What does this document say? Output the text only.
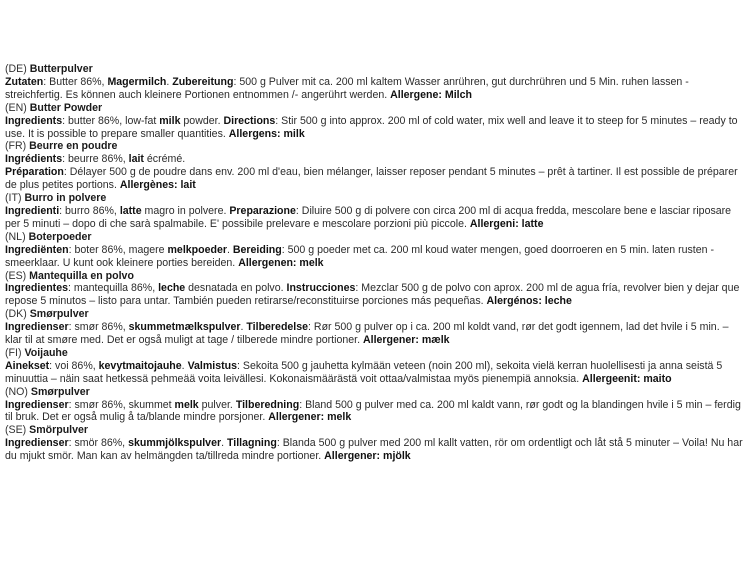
(DE) Butterpulver

Zutaten: Butter 86%, Magermilch. Zubereitung: 500 g Pulver mit ca. 200 ml kaltem Wasser anrühren, gut durchrühren und 5 Min. ruhen lassen - streichfertig. Es können auch kleinere Portionen entnommen /- angerührt werden. Allergene: Milch

(EN) Butter Powder

Ingredients: butter 86%, low-fat milk powder. Directions: Stir 500 g into approx. 200 ml of cold water, mix well and leave it to steep for 5 minutes – ready to use. It is possible to prepare smaller quantities. Allergens: milk

(FR) Beurre en poudre

Ingrédients: beurre 86%, lait écrémé.
Préparation: Délayer 500 g de poudre dans env. 200 ml d'eau, bien mélanger, laisser reposer pendant 5 minutes – prêt à tartiner. Il est possible de préparer de plus petites portions. Allergènes: lait

(IT) Burro in polvere

Ingredienti: burro 86%, latte magro in polvere. Preparazione: Diluire 500 g di polvere con circa 200 ml di acqua fredda, mescolare bene e lasciar riposare per 5 minuti – dopo di che sarà spalmabile. E' possibile prelevare e mescolare porzioni più piccole. Allergeni: latte

(NL) Boterpoeder

Ingrediënten: boter 86%, magere melkpoeder. Bereiding: 500 g poeder met ca. 200 ml koud water mengen, goed doorroeren en 5 min. laten rusten - smeerklaar. U kunt ook kleinere porties bereiden. Allergenen: melk

(ES) Mantequilla en polvo

Ingredientes: mantequilla 86%, leche desnatada en polvo. Instrucciones: Mezclar 500 g de polvo con aprox. 200 ml de agua fría, revolver bien y dejar que repose 5 minutos – listo para untar. También pueden retirarse/reconstituirse porciones más pequeñas. Alergénos: leche

(DK) Smørpulver

Ingredienser: smør 86%, skummetmælkspulver. Tilberedelse: Rør 500 g pulver op i ca. 200 ml koldt vand, rør det godt igennem, lad det hvile i 5 min. – klar til at smøre med. Det er også muligt at tage / tilberede mindre portioner. Allergener: mælk

(FI) Voijauhe

Ainekset: voi 86%, kevytmaitojauhe. Valmistus: Sekoita 500 g jauhetta kylmään veteen (noin 200 ml), sekoita vielä kerran huolellisesti ja anna seistä 5 minuuttia – näin saat hetkessä pehmeää voita leivällesi. Kokonaismäärästä voit ottaa/valmistaa myös pienempiä annoksia. Allergeenit: maito

(NO) Smørpulver

Ingredienser: smør 86%, skummet melk pulver. Tilberedning: Bland 500 g pulver med ca. 200 ml kaldt vann, rør godt og la blandingen hvile i 5 min – ferdig til bruk. Det er også mulig å ta/blande mindre porsjoner. Allergener: melk

(SE) Smörpulver

Ingredienser: smör 86%, skummjölkspulver. Tillagning: Blanda 500 g pulver med 200 ml kallt vatten, rör om ordentligt och låt stå 5 minuter – Voila! Nu har du mjukt smör. Man kan av helmängden ta/tillreda mindre portioner. Allergener: mjölk
